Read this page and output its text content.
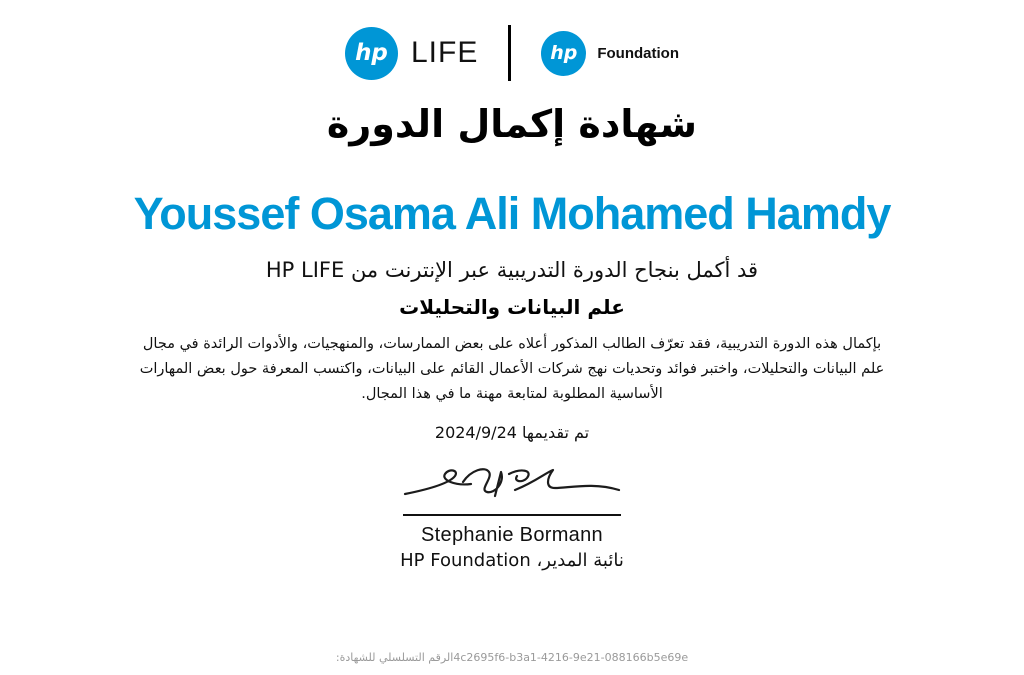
hp LIFE	hp Foundation
شهادة إكمال الدورة
Youssef Osama Ali Mohamed Hamdy
قد أكمل بنجاح الدورة التدريبية عبر الإنترنت من HP LIFE
علم البيانات والتحليلات
بإكمال هذه الدورة التدريبية، فقد تعرّف الطالب المذكور أعلاه على بعض الممارسات، والمنهجيات، والأدوات الرائدة في مجال
علم البيانات والتحليلات، واختبر فوائد وتحديات نهج شركات الأعمال القائم على البيانات، واكتسب المعرفة حول بعض المهارات
الأساسية المطلوبة لمتابعة مهنة ما في هذا المجال.
تم تقديمها 2024/9/24
Stephanie Bormann
نائبة المدير، HP Foundation
الرقم التسلسلي للشهادة:4c2695f6-b3a1-4216-9e21-088166b5e69e
